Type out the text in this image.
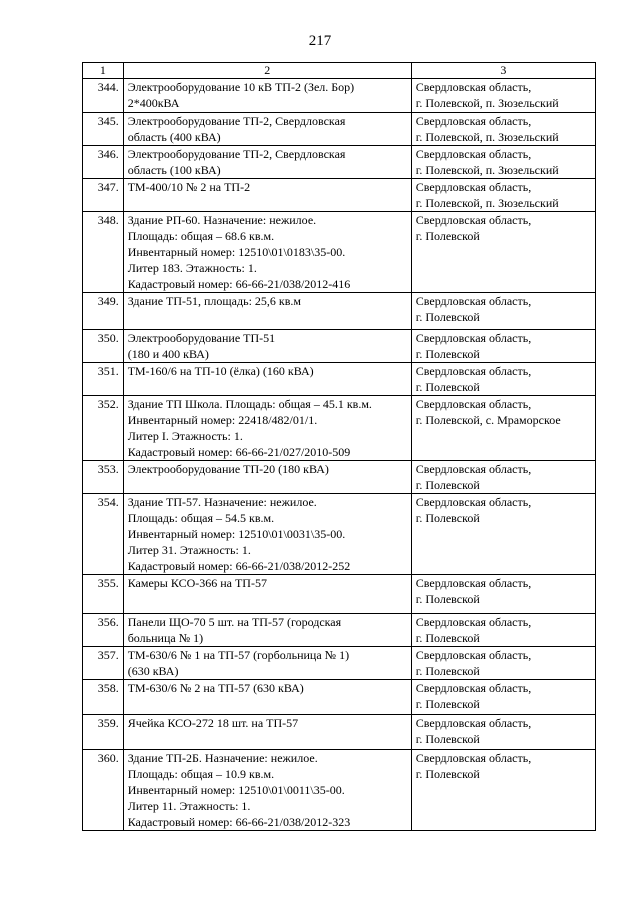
217
1	2	3
344.	Электрооборудование 10 кВ ТП-2 (Зел. Бор)
2*400кВА	Свердловская область,
г. Полевской, п. Зюзельский

345.	Электрооборудование ТП-2, Свердловская
область (400 кВА)	Свердловская область,
г. Полевской, п. Зюзельский

346.	Электрооборудование ТП-2, Свердловская
область (100 кВА)	Свердловская область,
г. Полевской, п. Зюзельский

347.	ТМ-400/10 № 2 на ТП-2	Свердловская область,
г. Полевской, п. Зюзельский

348.	Здание РП-60. Назначение: нежилое.
Площадь: общая – 68.6 кв.м.
Инвентарный номер: 12510\01\0183\35-00.
Литер 183. Этажность: 1.
Кадастровый номер: 66-66-21/038/2012-416	Свердловская область,
г. Полевской

349.	Здание ТП-51, площадь: 25,6 кв.м	Свердловская область,
г. Полевской

350.	Электрооборудование ТП-51
(180 и 400 кВА)	Свердловская область,
г. Полевской

351.	ТМ-160/6 на ТП-10 (ёлка) (160 кВА)	Свердловская область,
г. Полевской

352.	Здание ТП Школа. Площадь: общая – 45.1 кв.м.
Инвентарный номер: 22418/482/01/1.
Литер I. Этажность: 1.
Кадастровый номер: 66-66-21/027/2010-509	Свердловская область,
г. Полевской, с. Мраморское

353.	Электрооборудование ТП-20 (180 кВА)	Свердловская область,
г. Полевской

354.	Здание ТП-57. Назначение: нежилое.
Площадь: общая – 54.5 кв.м.
Инвентарный номер: 12510\01\0031\35-00.
Литер 31. Этажность: 1.
Кадастровый номер: 66-66-21/038/2012-252	Свердловская область,
г. Полевской

355.	Камеры КСО-366 на ТП-57	Свердловская область,
г. Полевской

356.	Панели ЩО-70 5 шт. на ТП-57 (городская
больница № 1)	Свердловская область,
г. Полевской

357.	ТМ-630/6 № 1 на ТП-57 (горбольница № 1)
(630 кВА)	Свердловская область,
г. Полевской

358.	ТМ-630/6 № 2 на ТП-57 (630 кВА)	Свердловская область,
г. Полевской

359.	Ячейка КСО-272 18 шт. на ТП-57	Свердловская область,
г. Полевской

360.	Здание ТП-2Б. Назначение: нежилое.
Площадь: общая – 10.9 кв.м.
Инвентарный номер: 12510\01\0011\35-00.
Литер 11. Этажность: 1.
Кадастровый номер: 66-66-21/038/2012-323	Свердловская область,
г. Полевской
